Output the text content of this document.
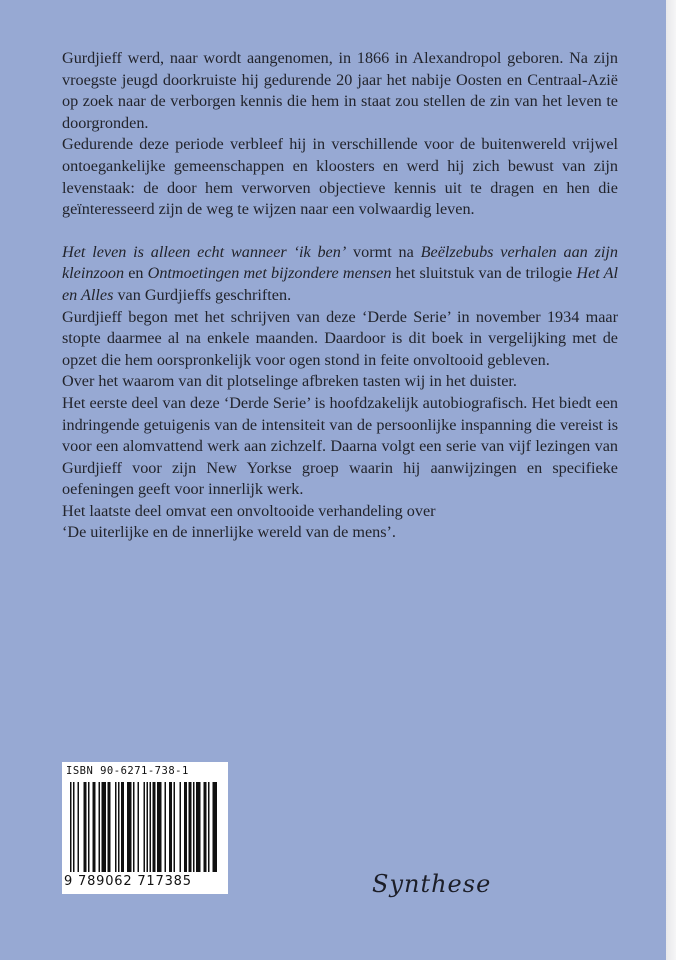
Gurdjieff werd, naar wordt aangenomen, in 1866 in Alexandropol geboren. Na zijn vroegste jeugd doorkruiste hij gedurende 20 jaar het nabije Oosten en Centraal-Azië op zoek naar de verborgen kennis die hem in staat zou stellen de zin van het leven te doorgronden.

Gedurende deze periode verbleef hij in verschillende voor de buitenwereld vrijwel ontoegankelijke gemeenschappen en kloosters en werd hij zich bewust van zijn levenstaak: de door hem verworven objectieve kennis uit te dragen en hen die geïnteresseerd zijn de weg te wijzen naar een volwaardig leven.

Het leven is alleen echt wanneer ‘ik ben’ vormt na Beëlzebubs verhalen aan zijn kleinzoon en Ontmoetingen met bijzondere mensen het sluitstuk van de trilogie Het Al en Alles van Gurdjieffs geschriften.

Gurdjieff begon met het schrijven van deze ‘Derde Serie’ in november 1934 maar stopte daarmee al na enkele maanden. Daardoor is dit boek in vergelijking met de opzet die hem oorspronkelijk voor ogen stond in feite onvoltooid gebleven.

Over het waarom van dit plotselinge afbreken tasten wij in het duister.

Het eerste deel van deze ‘Derde Serie’ is hoofdzakelijk autobiografisch. Het biedt een indringende getuigenis van de intensiteit van de persoonlijke inspanning die vereist is voor een alomvattend werk aan zichzelf. Daarna volgt een serie van vijf lezingen van Gurdjieff voor zijn New Yorkse groep waarin hij aanwijzingen en specifieke oefeningen geeft voor innerlijk werk.

Het laatste deel omvat een onvoltooide verhandeling over

‘De uiterlijke en de innerlijke wereld van de mens’.

ISBN 90-6271-738-1
9 789062 717385	Synthese
